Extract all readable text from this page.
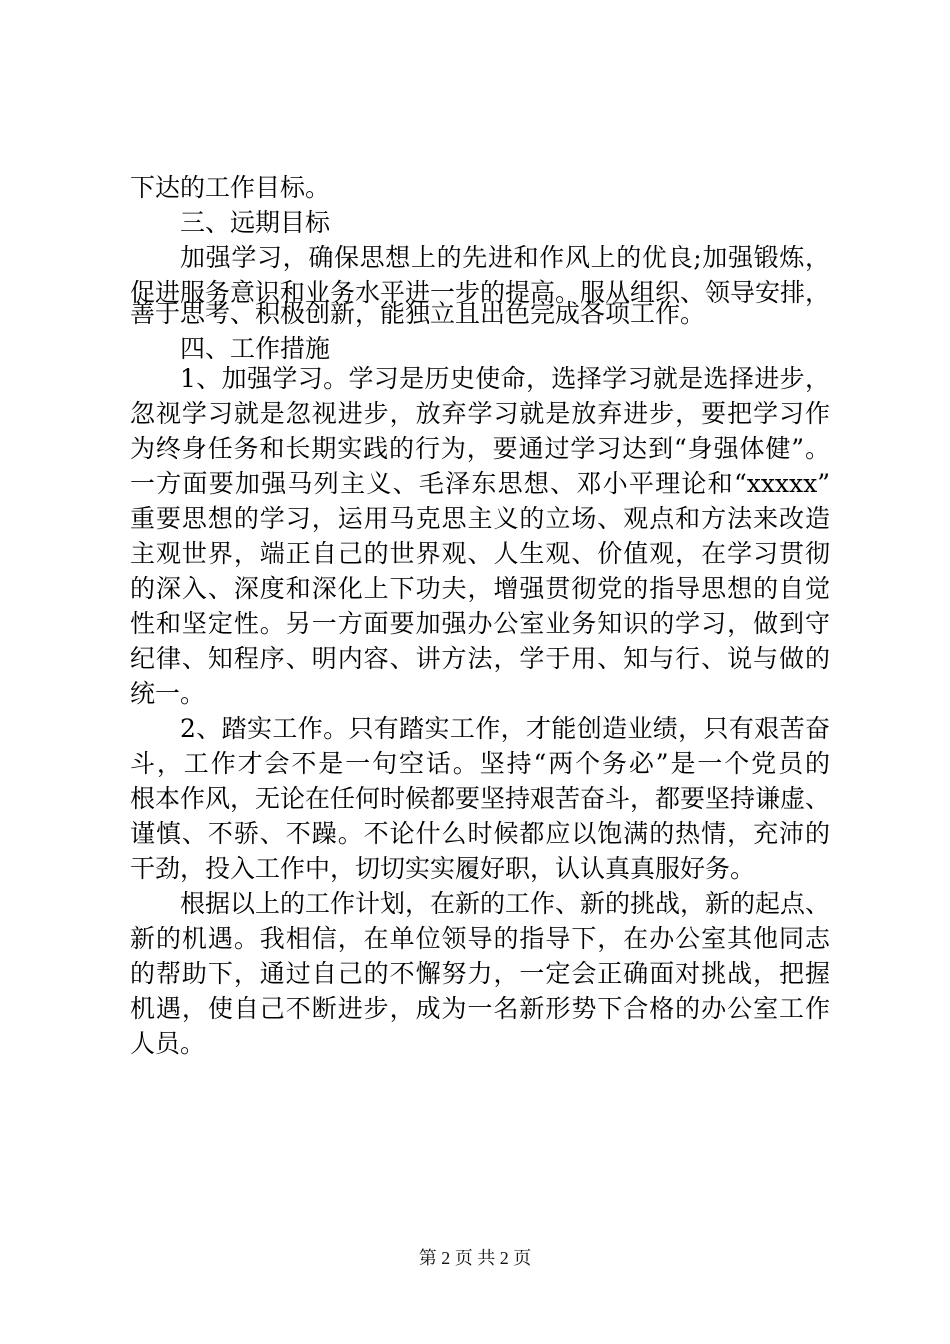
下达的工作目标。
三、远期目标
加强学习，确保思想上的先进和作风上的优良;加强锻炼，
促进服务意识和业务水平进一步的提高。服从组织、领导安排，
善于思考、积极创新，能独立且出色完成各项工作。
四、工作措施
1、加强学习。学习是历史使命，选择学习就是选择进步，
忽视学习就是忽视进步，放弃学习就是放弃进步，要把学习作
为终身任务和长期实践的行为，要通过学习达到“身强体健”。
一方面要加强马列主义、毛泽东思想、邓小平理论和“xxxxx”
重要思想的学习，运用马克思主义的立场、观点和方法来改造
主观世界，端正自己的世界观、人生观、价值观，在学习贯彻
的深入、深度和深化上下功夫，增强贯彻党的指导思想的自觉
性和坚定性。另一方面要加强办公室业务知识的学习，做到守
纪律、知程序、明内容、讲方法，学于用、知与行、说与做的
统一。
2、踏实工作。只有踏实工作，才能创造业绩，只有艰苦奋
斗，工作才会不是一句空话。坚持“两个务必”是一个党员的
根本作风，无论在任何时候都要坚持艰苦奋斗，都要坚持谦虚、
谨慎、不骄、不躁。不论什么时候都应以饱满的热情，充沛的
干劲，投入工作中，切切实实履好职，认认真真服好务。
根据以上的工作计划，在新的工作、新的挑战，新的起点、
新的机遇。我相信，在单位领导的指导下，在办公室其他同志
的帮助下，通过自己的不懈努力，一定会正确面对挑战，把握
机遇，使自己不断进步，成为一名新形势下合格的办公室工作
人员。
第 2 页 共 2 页
